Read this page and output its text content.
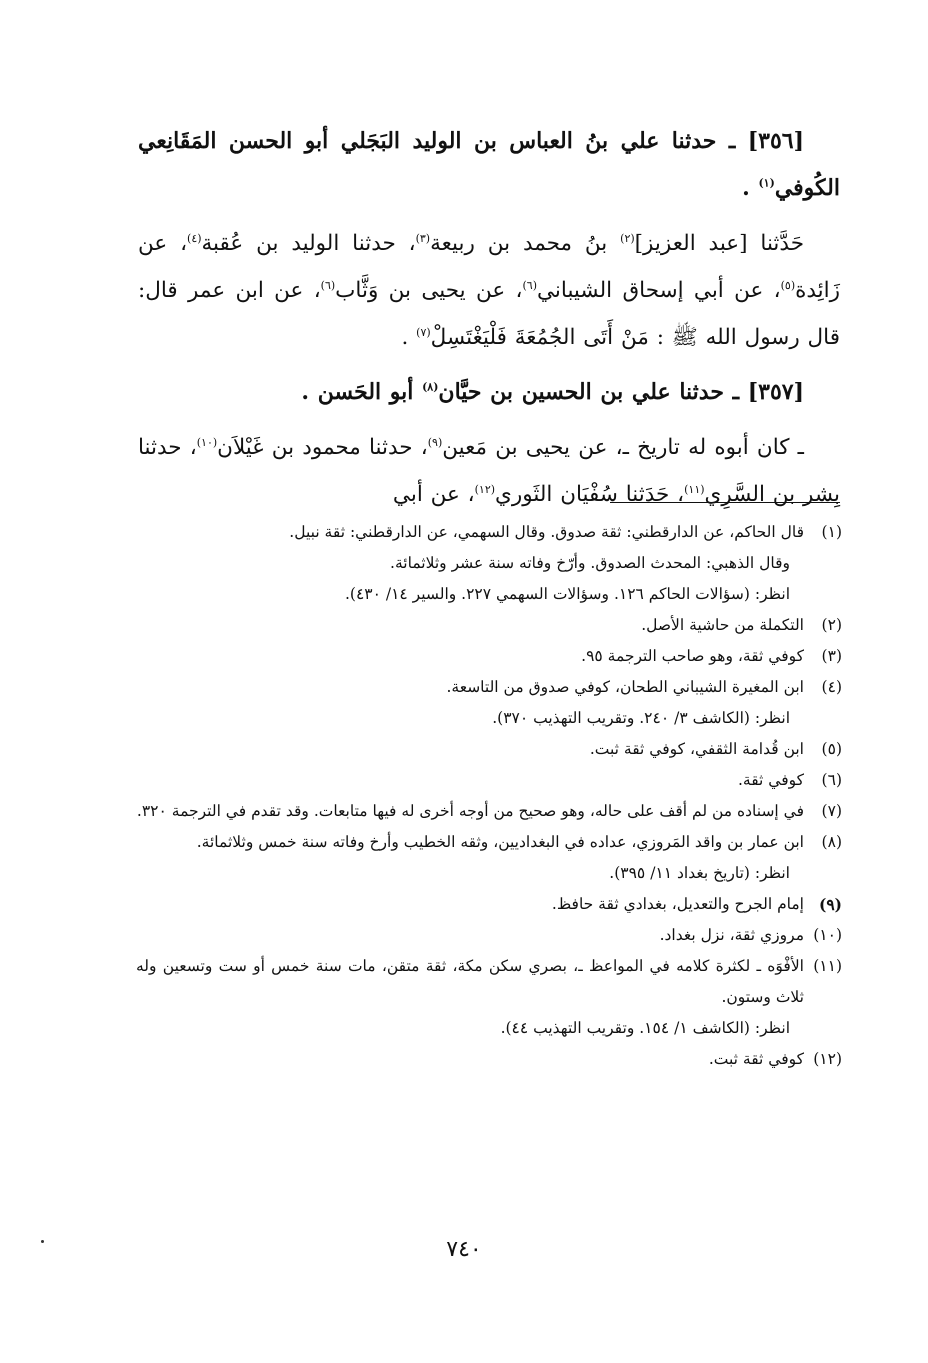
[٣٥٦] ـ حدثنا علي بنُ العباس بن الوليد البَجَلي أبو الحسن المَقَانِعي الكُوفي$^{(١)}$ .

حَدَّثنا [عبد العزيز]$^{(٢)}$ بنُ محمد بن ربيعة$^{(٣)}$، حدثنا الوليد بن عُقبة$^{(٤)}$، عن زَائِدة$^{(٥)}$، عن أبي إسحاق الشيباني$^{(٦)}$، عن يحيى بن وَثَّاب$^{(٦)}$، عن ابن عمر قال: قال رسول الله ﷺ : مَنْ أَتَى الجُمُعَةَ فَلْيَغْتَسِلْ$^{(٧)}$ .

[٣٥٧] ـ حدثنا علي بن الحسين بن حيَّان$^{(٨)}$ أبو الحَسن .

ـ كان أبوه له تاريخ ـ، عن يحيى بن مَعين$^{(٩)}$، حدثنا محمود بن غَيْلاَن$^{(١٠)}$، حدثنا بِشر بن السَّرِي$^{(١١)}$، حَدَثنا سُفْيَان الثَوري$^{(١٢)}$، عن أبي

(١)
قال الحاكم، عن الدارقطني: ثقة صدوق. وقال السهمي، عن الدارقطني: ثقة نبيل.
وقال الذهبي: المحدث الصدوق. وأرّخ وفاته سنة عشر وثلاثمائة.
انظر: (سؤالات الحاكم ١٢٦. وسؤالات السهمي ٢٢٧. والسير ١٤/ ٤٣٠).
(٢)
التكملة من حاشية الأصل.
(٣)
كوفي ثقة، وهو صاحب الترجمة ٩٥.
(٤)
ابن المغيرة الشيباني الطحان، كوفي صدوق من التاسعة.
انظر: (الكاشف ٣/ ٢٤٠. وتقريب التهذيب ٣٧٠).
(٥)
ابن قُدامة الثقفي، كوفي ثقة ثبت.
(٦)
كوفي ثقة.
(٧)
في إسناده من لم أقف على حاله، وهو صحيح من أوجه أخرى له فيها متابعات. وقد تقدم في الترجمة ٣٢٠.
(٨)
ابن عمار بن واقد المَروزي، عداده في البغداديين، وثقه الخطيب وأرخ وفاته سنة خمس وثلاثمائة.
انظر: (تاريخ بغداد ١١/ ٣٩٥).
(٩)
إمام الجرح والتعديل، بغدادي ثقة حافظ.
(١٠)
مروزي ثقة، نزل بغداد.
(١١)
الأفْوَه ـ لكثرة كلامه في المواعظ ـ، بصري سكن مكة، ثقة متقن، مات سنة خمس أو ست وتسعين وله ثلاث وستون.
انظر: (الكاشف ١/ ١٥٤. وتقريب التهذيب ٤٤).
(١٢)
كوفي ثقة ثبت.
٧٤٠
